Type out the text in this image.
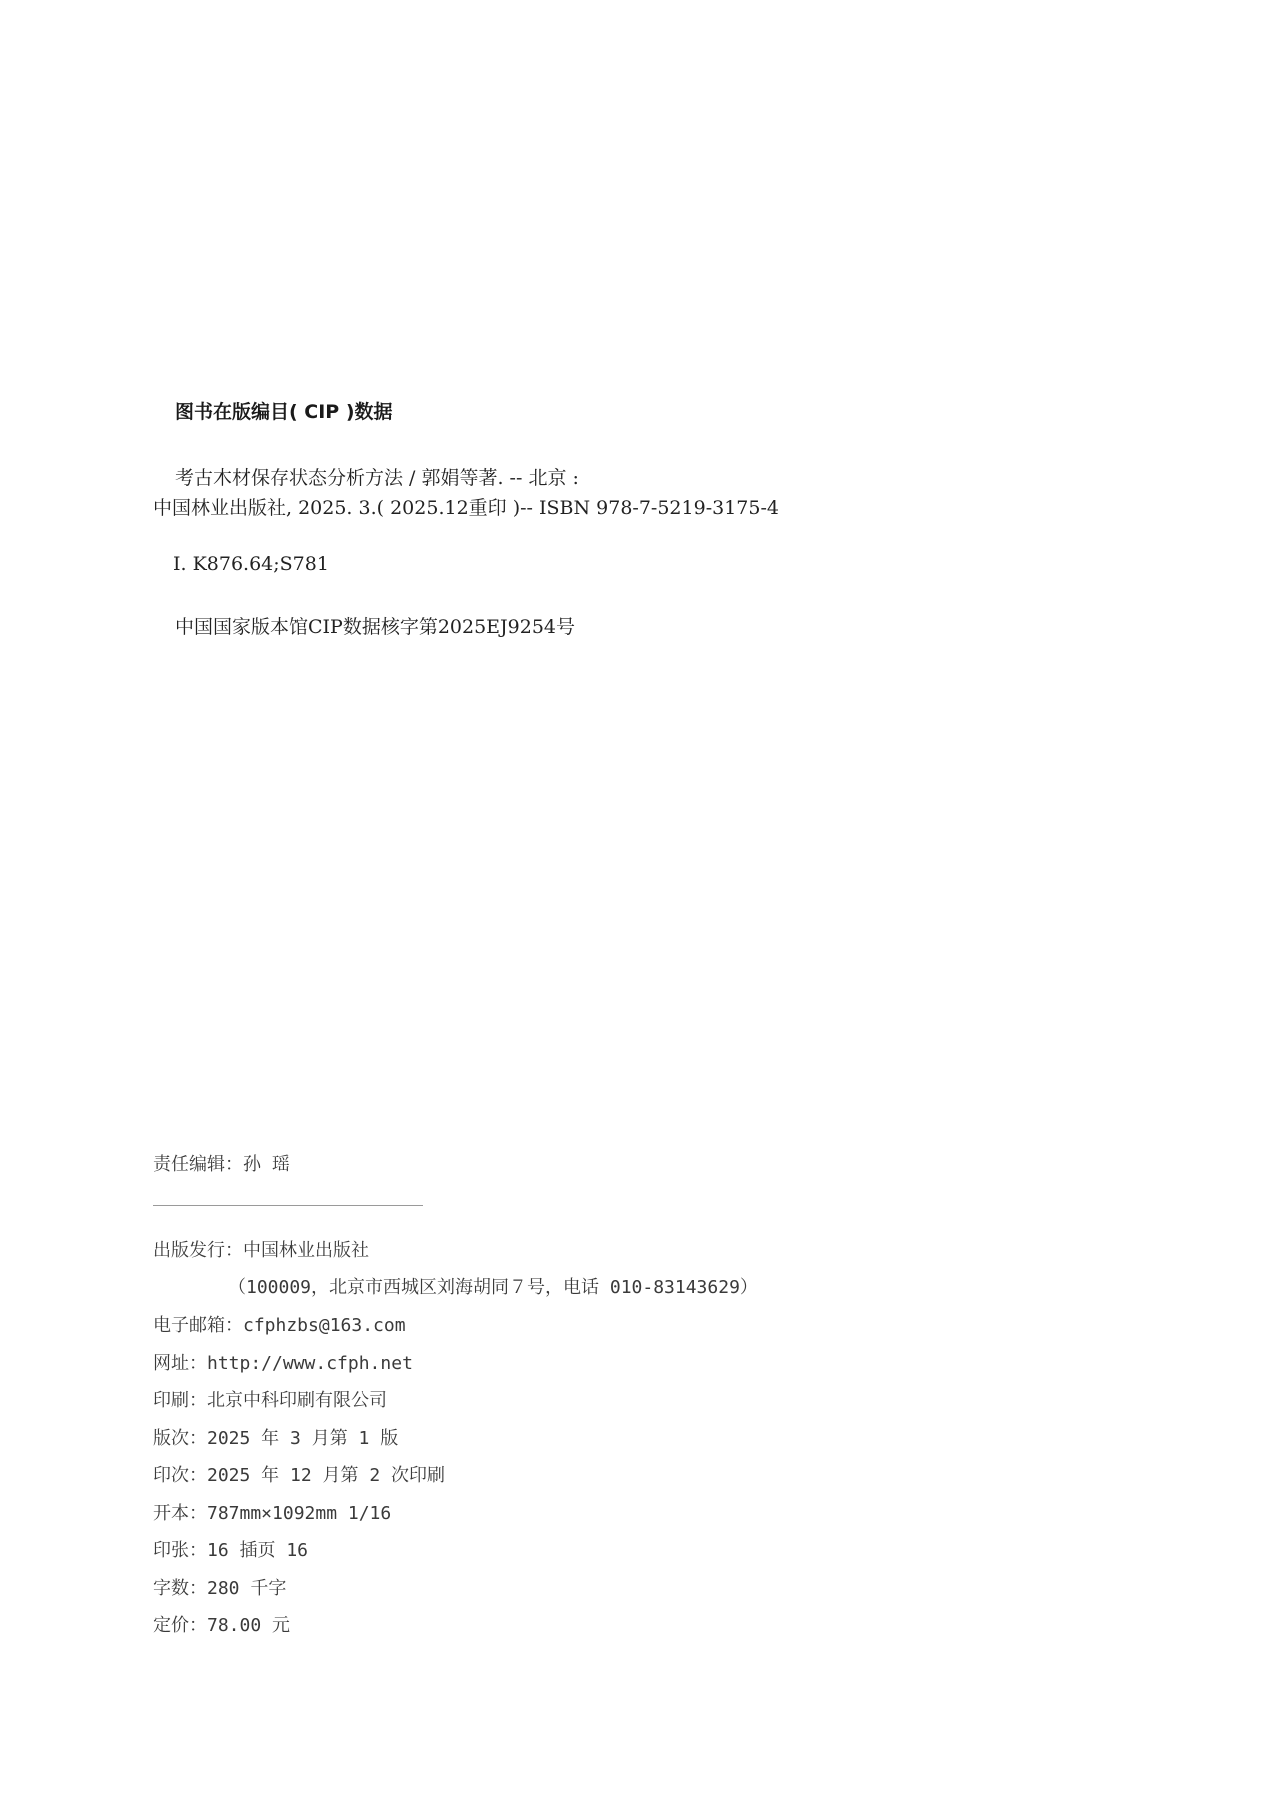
图书在版编目( CIP )数据
考古木材保存状态分析方法 / 郭娟等著. -- 北京 :
中国林业出版社, 2025. 3.( 2025.12重印 )-- ISBN 978-7-5219-3175-4
Ⅰ. K876.64;S781
中国国家版本馆CIP数据核字第2025EJ9254号
责任编辑：孙 瑶
出版发行：中国林业出版社
（100009，北京市西城区刘海胡同７号，电话 010-83143629）
电子邮箱：cfphzbs@163.com
网址：http://www.cfph.net
印刷：北京中科印刷有限公司
版次：2025 年 3 月第 1 版
印次：2025 年 12 月第 2 次印刷
开本：787mm×1092mm 1/16
印张：16 插页 16
字数：280 千字
定价：78.00 元
